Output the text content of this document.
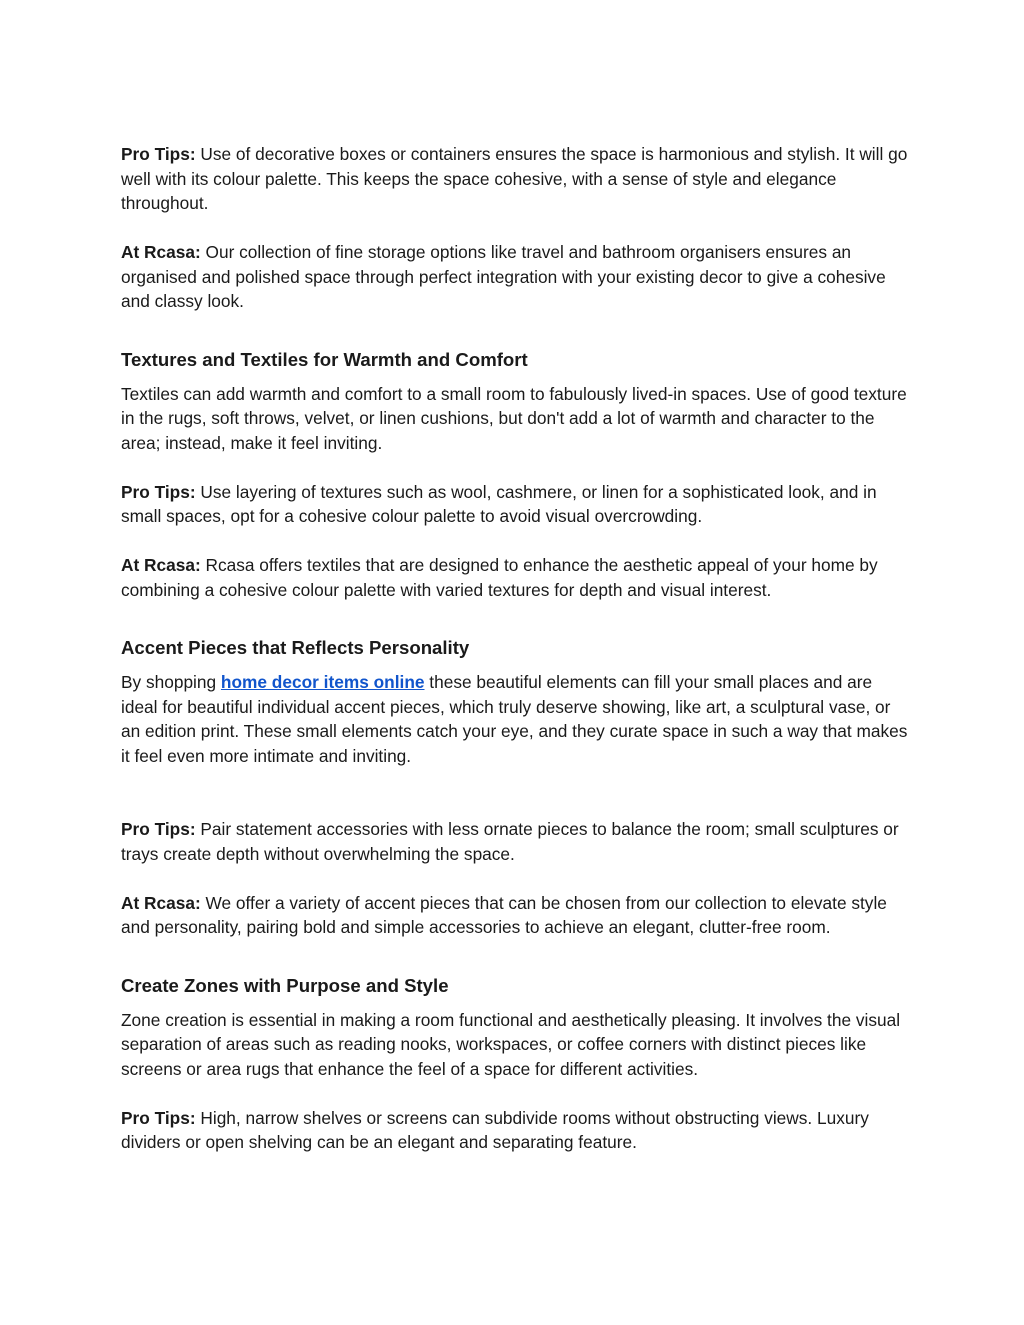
Pro Tips: Use of decorative boxes or containers ensures the space is harmonious and stylish. It will go well with its colour palette. This keeps the space cohesive, with a sense of style and elegance throughout.

At Rcasa: Our collection of fine storage options like travel and bathroom organisers ensures an organised and polished space through perfect integration with your existing decor to give a cohesive and classy look.

Textures and Textiles for Warmth and Comfort

Textiles can add warmth and comfort to a small room to fabulously lived-in spaces. Use of good texture in the rugs, soft throws, velvet, or linen cushions, but don't add a lot of warmth and character to the area; instead, make it feel inviting.

Pro Tips: Use layering of textures such as wool, cashmere, or linen for a sophisticated look, and in small spaces, opt for a cohesive colour palette to avoid visual overcrowding.

At Rcasa: Rcasa offers textiles that are designed to enhance the aesthetic appeal of your home by combining a cohesive colour palette with varied textures for depth and visual interest.

Accent Pieces that Reflects Personality

By shopping home decor items online these beautiful elements can fill your small places and are ideal for beautiful individual accent pieces, which truly deserve showing, like art, a sculptural vase, or an edition print. These small elements catch your eye, and they curate space in such a way that makes it feel even more intimate and inviting.

Pro Tips: Pair statement accessories with less ornate pieces to balance the room; small sculptures or trays create depth without overwhelming the space.

At Rcasa: We offer a variety of accent pieces that can be chosen from our collection to elevate style and personality, pairing bold and simple accessories to achieve an elegant, clutter-free room.

Create Zones with Purpose and Style

Zone creation is essential in making a room functional and aesthetically pleasing. It involves the visual separation of areas such as reading nooks, workspaces, or coffee corners with distinct pieces like screens or area rugs that enhance the feel of a space for different activities.

Pro Tips: High, narrow shelves or screens can subdivide rooms without obstructing views. Luxury dividers or open shelving can be an elegant and separating feature.
